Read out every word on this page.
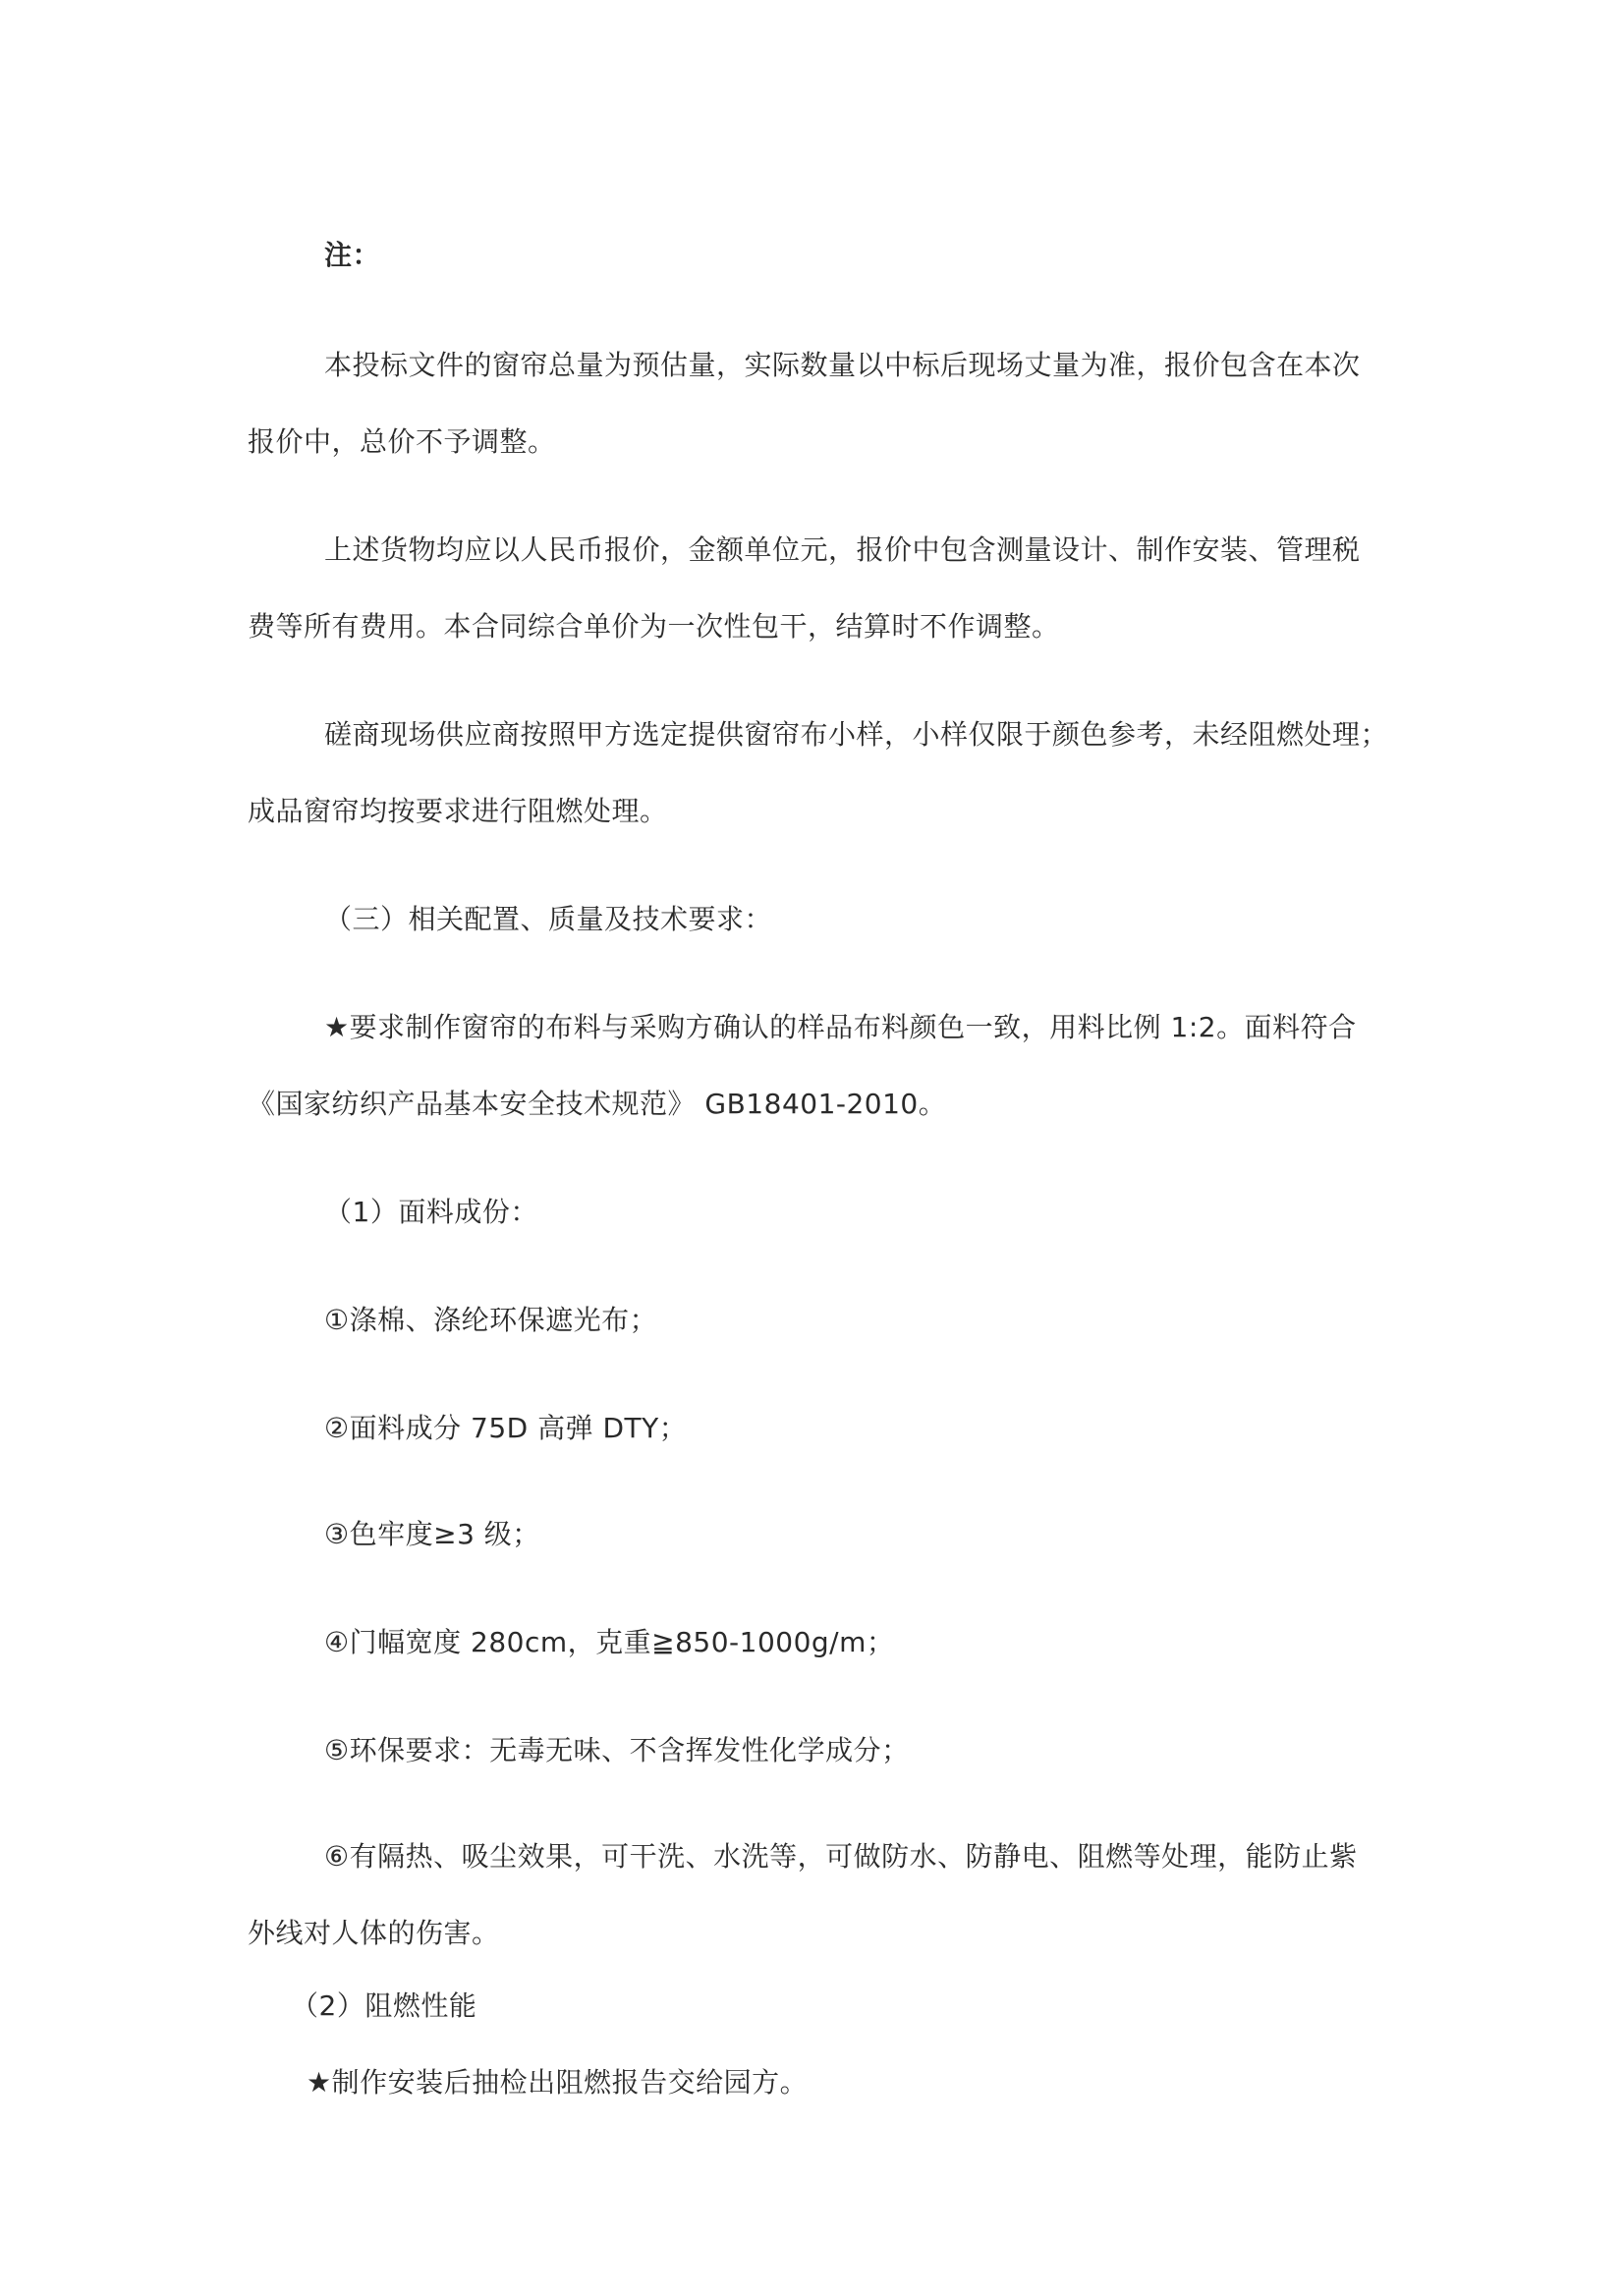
注：
本投标文件的窗帘总量为预估量，实际数量以中标后现场丈量为准，报价包含在本次
报价中，总价不予调整。
上述货物均应以人民币报价，金额单位元，报价中包含测量设计、制作安装、管理税
费等所有费用。本合同综合单价为一次性包干，结算时不作调整。
磋商现场供应商按照甲方选定提供窗帘布小样，小样仅限于颜色参考，未经阻燃处理；
成品窗帘均按要求进行阻燃处理。
（三）相关配置、质量及技术要求：
★要求制作窗帘的布料与采购方确认的样品布料颜色一致，用料比例 1:2。面料符合
《国家纺织产品基本安全技术规范》 GB18401-2010。
（1）面料成份：
①涤棉、涤纶环保遮光布；
②面料成分 75D 高弹 DTY；
③色牢度≥3 级；
④门幅宽度 280cm，克重≧850-1000g/m；
⑤环保要求：无毒无味、不含挥发性化学成分；
⑥有隔热、吸尘效果，可干洗、水洗等，可做防水、防静电、阻燃等处理，能防止紫
外线对人体的伤害。
（2）阻燃性能
★制作安装后抽检出阻燃报告交给园方。
